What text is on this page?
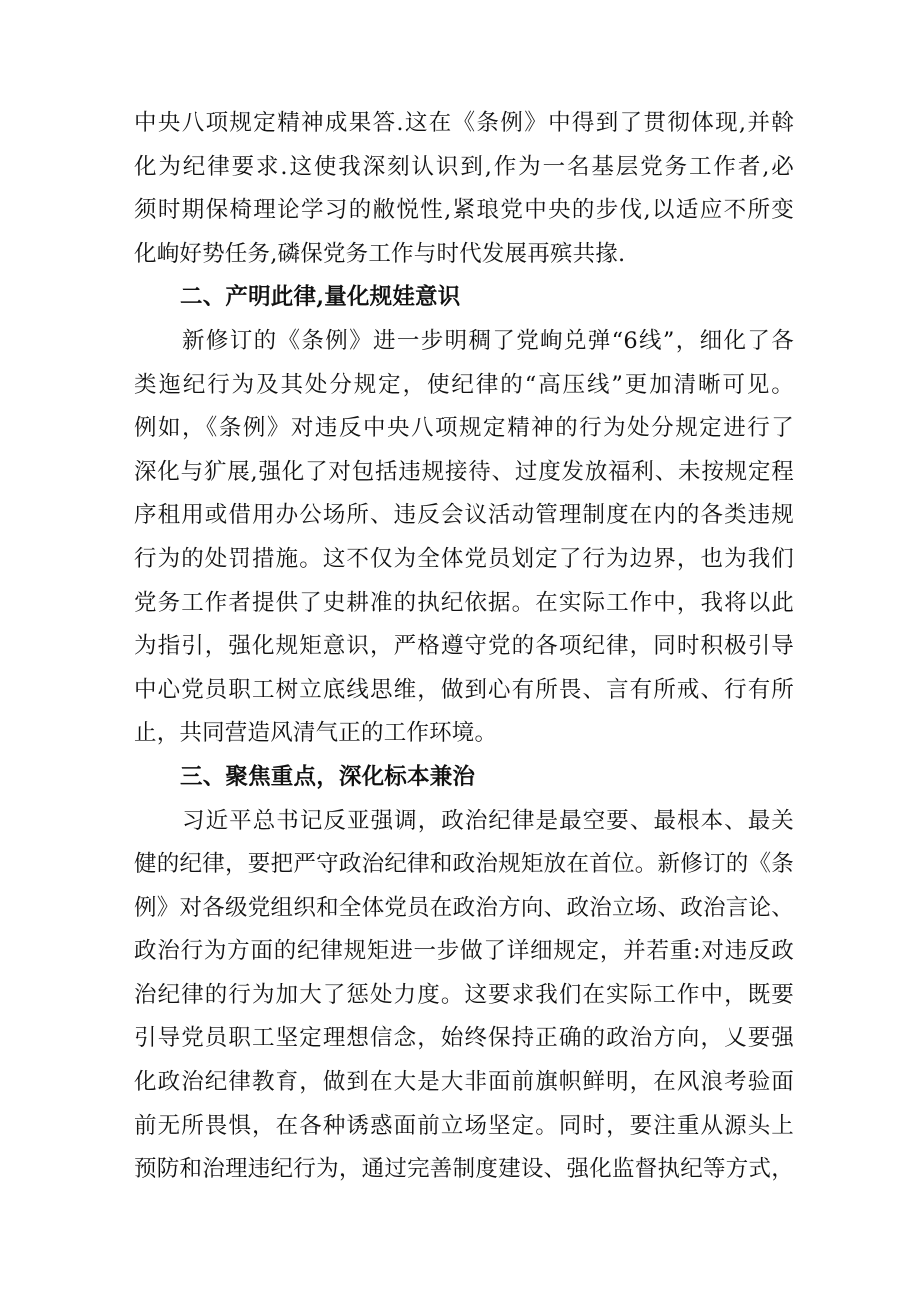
中央八项规定精神成果答.这在《条例》中得到了贯彻体现,并斡
化为纪律要求.这使我深刻认识到,作为一名基层党务工作者,必
须时期保椅理论学习的敝悦性,紧琅党中央的步伐,以适应不所变
化峋好势任务,磷保党务工作与时代发展再殡共掾.
二、产明此律,量化规娃意识
新修订的《条例》进一步明稠了党峋兑弹“6线”，细化了各
类迤纪行为及其处分规定，使纪律的“高压线”更加清晰可见。
例如，《条例》对违反中央八项规定精神的行为处分规定进行了
深化与犷展,强化了对包括违规接待、过度发放福利、未按规定程
序租用或借用办公场所、违反会议活动管理制度在内的各类违规
行为的处罚措施。这不仅为全体党员划定了行为边界，也为我们
党务工作者提供了史耕准的执纪依据。在实际工作中，我将以此
为指引，强化规矩意识，严格遵守党的各项纪律，同时积极引导
中心党员职工树立底线思维，做到心有所畏、言有所戒、行有所
止，共同营造风清气正的工作环境。
三、聚焦重点，深化标本兼治
习近平总书记反亚强调，政治纪律是最空要、最根本、最关
健的纪律，要把严守政治纪律和政治规矩放在首位。新修订的《条
例》对各级党组织和全体党员在政治方向、政治立场、政治言论、
政治行为方面的纪律规矩进一步做了详细规定，并若重:对违反政
治纪律的行为加大了惩处力度。这要求我们在实际工作中，既要
引导党员职工坚定理想信念，始终保持正确的政治方向，乂要强
化政治纪律教育，做到在大是大非面前旗帜鲜明，在风浪考验面
前无所畏惧，在各种诱惑面前立场坚定。同时，要注重从源头上
预防和治理违纪行为，通过完善制度建设、强化监督执纪等方式，
